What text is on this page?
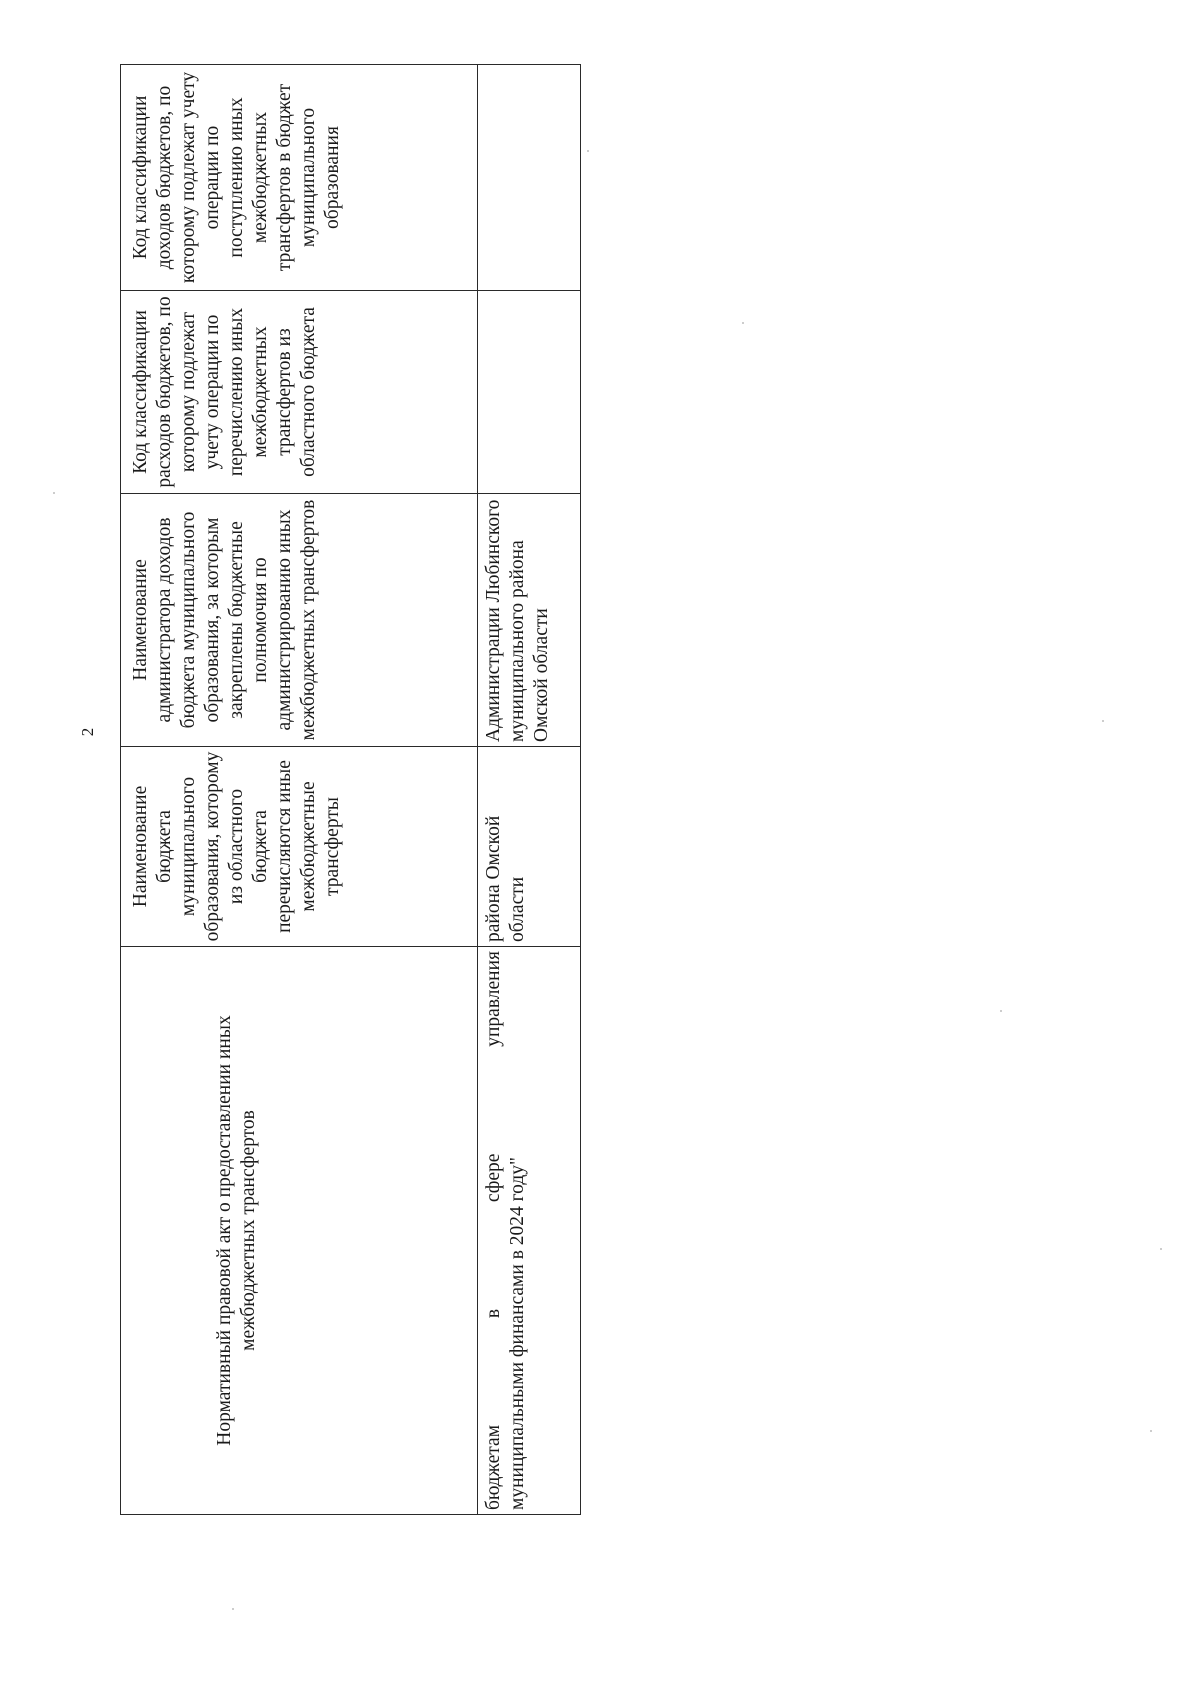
2
Нормативный правовой акт о предоставлении иных межбюджетных трансфертов	Наименование бюджета муниципального образования, которому из областного бюджета перечисляются иные межбюджетные трансферты	Наименование администратора доходов бюджета муниципального образования, за которым закреплены бюджетные полномочия по администрированию иных межбюджетных трансфертов	Код классификации расходов бюджетов, по которому подлежат учету операции по перечислению иных межбюджетных трансфертов из областного бюджета	Код классификации доходов бюджетов, по которому подлежат учету операции по поступлению иных межбюджетных трансфертов в бюджет муниципального образования

бюджетам в сфере управления муниципальными финансами в 2024 году"	района Омской области	Администрации Любинского муниципального района Омской области		
